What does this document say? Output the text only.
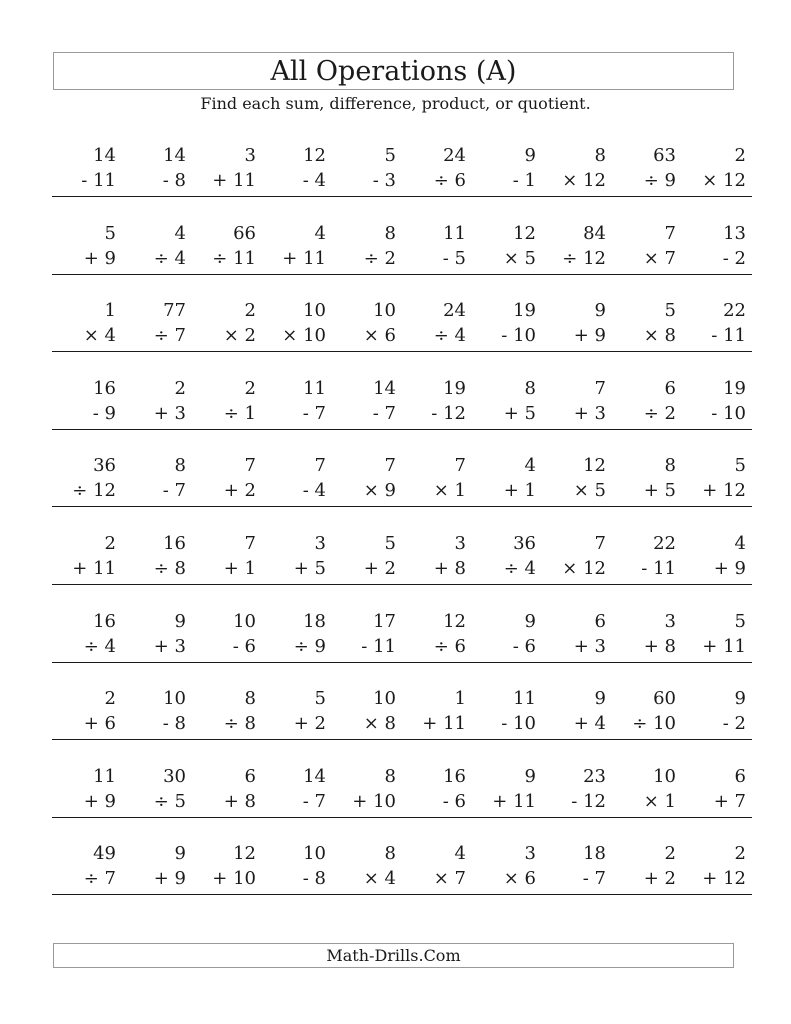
All Operations (A)
Find each sum, difference, product, or quotient.
14
- 11
14
- 8
3
+ 11
12
- 4
5
- 3
24
÷ 6
9
- 1
8
× 12
63
÷ 9
2
× 12
5
+ 9
4
÷ 4
66
÷ 11
4
+ 11
8
÷ 2
11
- 5
12
× 5
84
÷ 12
7
× 7
13
- 2
1
× 4
77
÷ 7
2
× 2
10
× 10
10
× 6
24
÷ 4
19
- 10
9
+ 9
5
× 8
22
- 11
16
- 9
2
+ 3
2
÷ 1
11
- 7
14
- 7
19
- 12
8
+ 5
7
+ 3
6
÷ 2
19
- 10
36
÷ 12
8
- 7
7
+ 2
7
- 4
7
× 9
7
× 1
4
+ 1
12
× 5
8
+ 5
5
+ 12
2
+ 11
16
÷ 8
7
+ 1
3
+ 5
5
+ 2
3
+ 8
36
÷ 4
7
× 12
22
- 11
4
+ 9
16
÷ 4
9
+ 3
10
- 6
18
÷ 9
17
- 11
12
÷ 6
9
- 6
6
+ 3
3
+ 8
5
+ 11
2
+ 6
10
- 8
8
÷ 8
5
+ 2
10
× 8
1
+ 11
11
- 10
9
+ 4
60
÷ 10
9
- 2
11
+ 9
30
÷ 5
6
+ 8
14
- 7
8
+ 10
16
- 6
9
+ 11
23
- 12
10
× 1
6
+ 7
49
÷ 7
9
+ 9
12
+ 10
10
- 8
8
× 4
4
× 7
3
× 6
18
- 7
2
+ 2
2
+ 12
Math-Drills.Com
